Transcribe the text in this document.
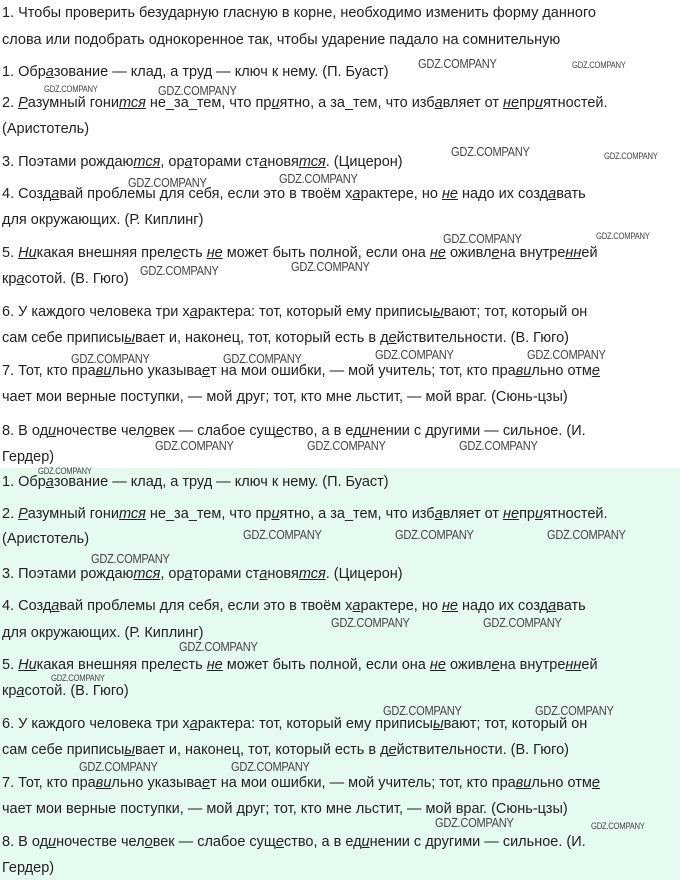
1. Чтобы проверить безударную гласную в корне, необходимо изменить форму данного
слова или подобрать однокоренное так, чтобы ударение падало на сомнительную
1. Образование — клад, а труд — ключ к нему. (П. Буаст)
2. Разумный гонится не_за_тем, что приятно, а за_тем, что избавляет от неприятностей.
(Аристотель)
3. Поэтами рождаются, ораторами становятся. (Цицерон)
4. Создавай проблемы для себя, если это в твоём характере, но не надо их создавать
для окружающих. (Р. Киплинг)
5. Никакая внешняя прелесть не может быть полной, если она не оживлена внутренней
красотой. (В. Гюго)
6. У каждого человека три характера: тот, который ему приписыывают; тот, который он
сам себе приписыывает и, наконец, тот, который есть в действительности. (В. Гюго)
7. Тот, кто правильно указывает на мои ошибки, — мой учитель; тот, кто правильно отме
чает мои верные поступки, — мой друг; тот, кто мне льстит, — мой враг. (Сюнь-цзы)
8. В одиночестве человек — слабое существо, а в единении с другими — сильное. (И.
Гердер)
1. Образование — клад, а труд — ключ к нему. (П. Буаст)
2. Разумный гонится не_за_тем, что приятно, а за_тем, что избавляет от неприятностей.
(Аристотель)
3. Поэтами рождаются, ораторами становятся. (Цицерон)
4. Создавай проблемы для себя, если это в твоём характере, но не надо их создавать
для окружающих. (Р. Киплинг)
5. Никакая внешняя прелесть не может быть полной, если она не оживлена внутренней
красотой. (В. Гюго)
6. У каждого человека три характера: тот, который ему приписыывают; тот, который он
сам себе приписыывает и, наконец, тот, который есть в действительности. (В. Гюго)
7. Тот, кто правильно указывает на мои ошибки, — мой учитель; тот, кто правильно отме
чает мои верные поступки, — мой друг; тот, кто мне льстит, — мой враг. (Сюнь-цзы)
8. В одиночестве человек — слабое существо, а в единении с другими — сильное. (И.
Гердер)
GDZ.COMPANY	GDZ.COMPANY
GDZ.COMPANY	GDZ.COMPANY
GDZ.COMPANY	GDZ.COMPANY
GDZ.COMPANY
GDZ.COMPANY
GDZ.COMPANY	GDZ.COMPANY
GDZ.COMPANY
GDZ.COMPANY
GDZ.COMPANY	GDZ.COMPANY
GDZ.COMPANY	GDZ.COMPANY
GDZ.COMPANY	GDZ.COMPANY	GDZ.COMPANY
GDZ.COMPANY
GDZ.COMPANY	GDZ.COMPANY	GDZ.COMPANY
GDZ.COMPANY
GDZ.COMPANY	GDZ.COMPANY
GDZ.COMPANY
GDZ.COMPANY
GDZ.COMPANY	GDZ.COMPANY
GDZ.COMPANY	GDZ.COMPANY
GDZ.COMPANY	GDZ.COMPANY
